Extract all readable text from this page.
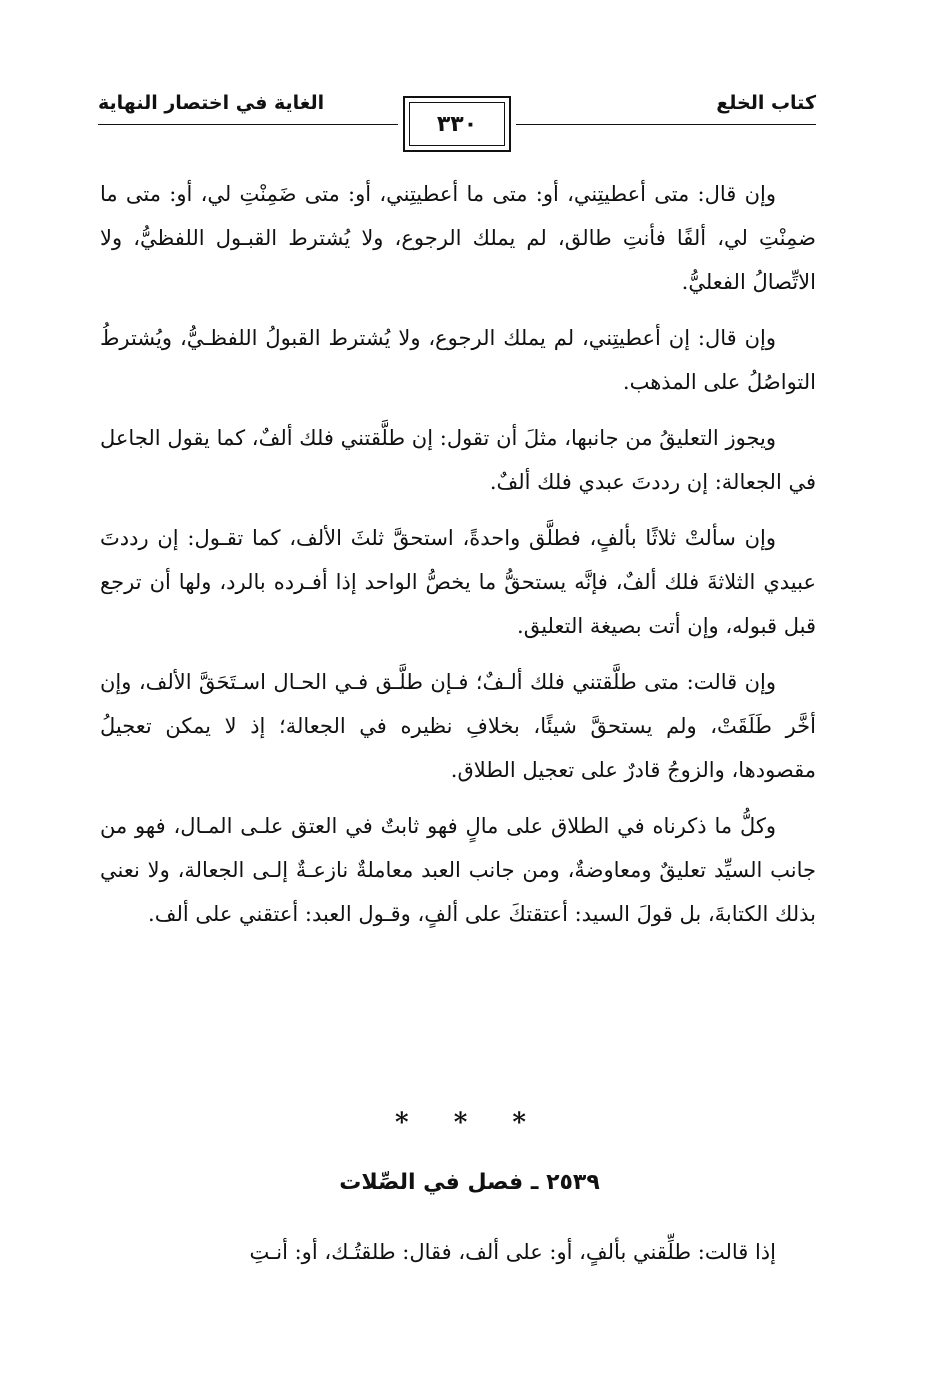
كتاب الخلع
الغاية في اختصار النهاية
٣٣٠

وإن قال: متى أعطيتِني، أو: متى ما أعطيتِني، أو: متى ضَمِنْتِ لي، أو: متى ما ضمِنْتِ لي، ألفًا فأنتِ طالق، لم يملك الرجوع، ولا يُشترط القبـول اللفظيُّ، ولا الاتِّصالُ الفعليُّ.

وإن قال: إن أعطيتِني، لم يملك الرجوع، ولا يُشترط القبولُ اللفظـيُّ، ويُشترطُ التواصُلُ على المذهب.

ويجوز التعليقُ من جانبها، مثلَ أن تقول: إن طلَّقتني فلك ألفٌ، كما يقول الجاعل في الجعالة: إن رددتَ عبدي فلك ألفٌ.

وإن سألتْ ثلاثًا بألفٍ، فطلَّق واحدةً، استحقَّ ثلثَ الألف، كما تقـول: إن رددتَ عبيدي الثلاثةَ فلك ألفٌ، فإنَّه يستحقُّ ما يخصُّ الواحد إذا أفـرده بالرد، ولها أن ترجع قبل قبوله، وإن أتت بصيغة التعليق.

وإن قالت: متى طلَّقتني فلك ألـفٌ؛ فـإن طلَّـق فـي الحـال اسـتَحَقَّ الألف، وإن أخَّر طَلَقَتْ، ولم يستحقَّ شيئًا، بخلافِ نظيره في الجعالة؛ إذ لا يمكن تعجيلُ مقصودها، والزوجُ قادرٌ على تعجيل الطلاق.

وكلُّ ما ذكرناه في الطلاق على مالٍ فهو ثابتٌ في العتق علـى المـال، فهو من جانب السيِّد تعليقٌ ومعاوضةٌ، ومن جانب العبد معاملةٌ نازعـةٌ إلـى الجعالة، ولا نعني بذلك الكتابةَ، بل قولَ السيد: أعتقتكَ على ألفٍ، وقـول العبد: أعتقني على ألف.

* * *
٢٥٣٩ ـ فصل في الصِّلات
إذا قالت: طلِّقني بألفٍ، أو: على ألف، فقال: طلقتُـك، أو: أنـتِ
